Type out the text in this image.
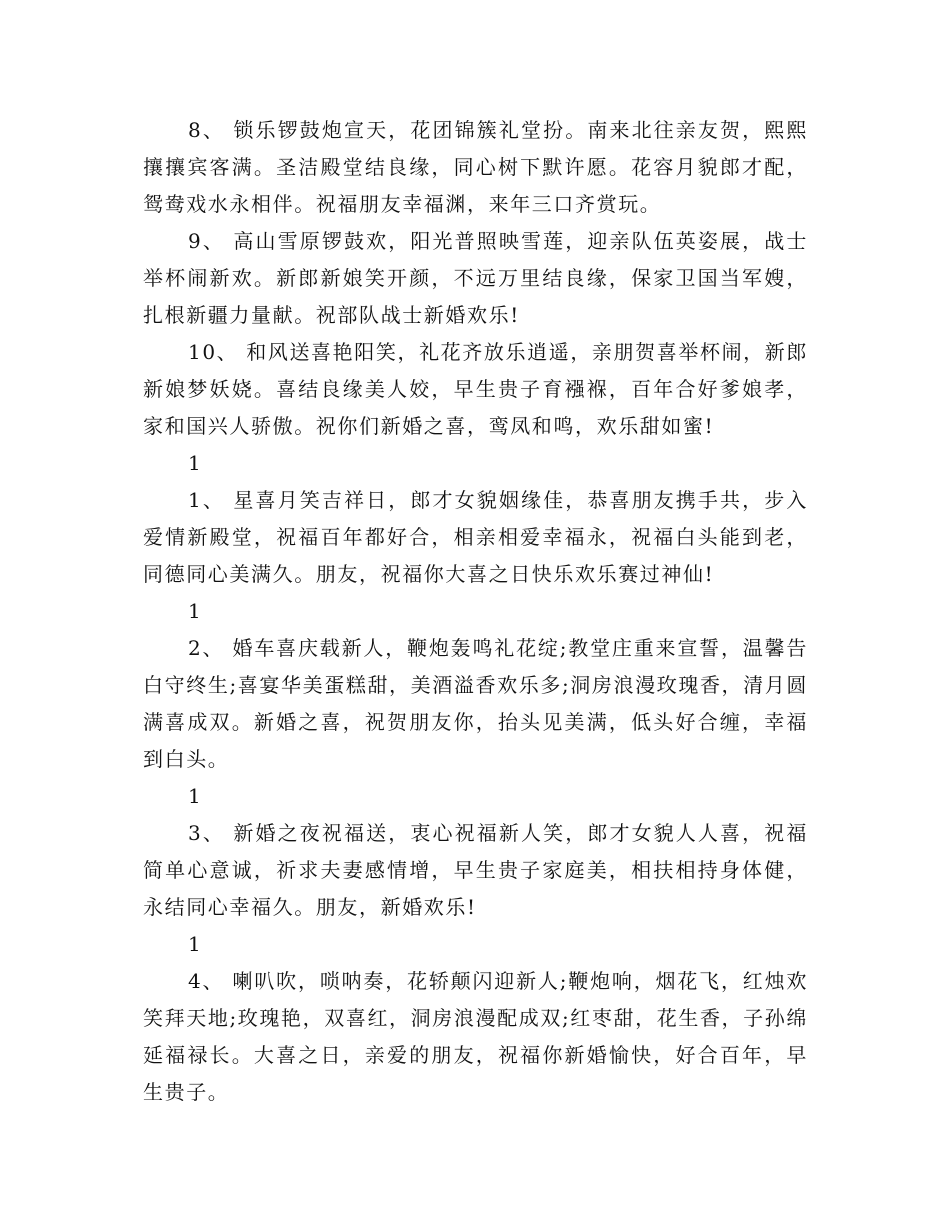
8、 锁乐锣鼓炮宣天，花团锦簇礼堂扮。南来北往亲友贺，熙熙攘攘宾客满。圣洁殿堂结良缘，同心树下默许愿。花容月貌郎才配，鸳鸯戏水永相伴。祝福朋友幸福渊，来年三口齐赏玩。

9、 高山雪原锣鼓欢，阳光普照映雪莲，迎亲队伍英姿展，战士举杯闹新欢。新郎新娘笑开颜，不远万里结良缘，保家卫国当军嫂，扎根新疆力量献。祝部队战士新婚欢乐!

10、 和风送喜艳阳笑，礼花齐放乐逍遥，亲朋贺喜举杯闹，新郎新娘梦妖娆。喜结良缘美人姣，早生贵子育襁褓，百年合好爹娘孝，家和国兴人骄傲。祝你们新婚之喜，鸾凤和鸣，欢乐甜如蜜!

1

1、 星喜月笑吉祥日，郎才女貌姻缘佳，恭喜朋友携手共，步入爱情新殿堂，祝福百年都好合，相亲相爱幸福永，祝福白头能到老，同德同心美满久。朋友，祝福你大喜之日快乐欢乐赛过神仙!

1

2、 婚车喜庆载新人，鞭炮轰鸣礼花绽;教堂庄重来宣誓，温馨告白守终生;喜宴华美蛋糕甜，美酒溢香欢乐多;洞房浪漫玫瑰香，清月圆满喜成双。新婚之喜，祝贺朋友你，抬头见美满，低头好合缠，幸福到白头。

1

3、 新婚之夜祝福送，衷心祝福新人笑，郎才女貌人人喜，祝福简单心意诚，祈求夫妻感情增，早生贵子家庭美，相扶相持身体健，永结同心幸福久。朋友，新婚欢乐!

1

4、 喇叭吹，唢呐奏，花轿颠闪迎新人;鞭炮响，烟花飞，红烛欢笑拜天地;玫瑰艳，双喜红，洞房浪漫配成双;红枣甜，花生香，子孙绵延福禄长。大喜之日，亲爱的朋友，祝福你新婚愉快，好合百年，早生贵子。
